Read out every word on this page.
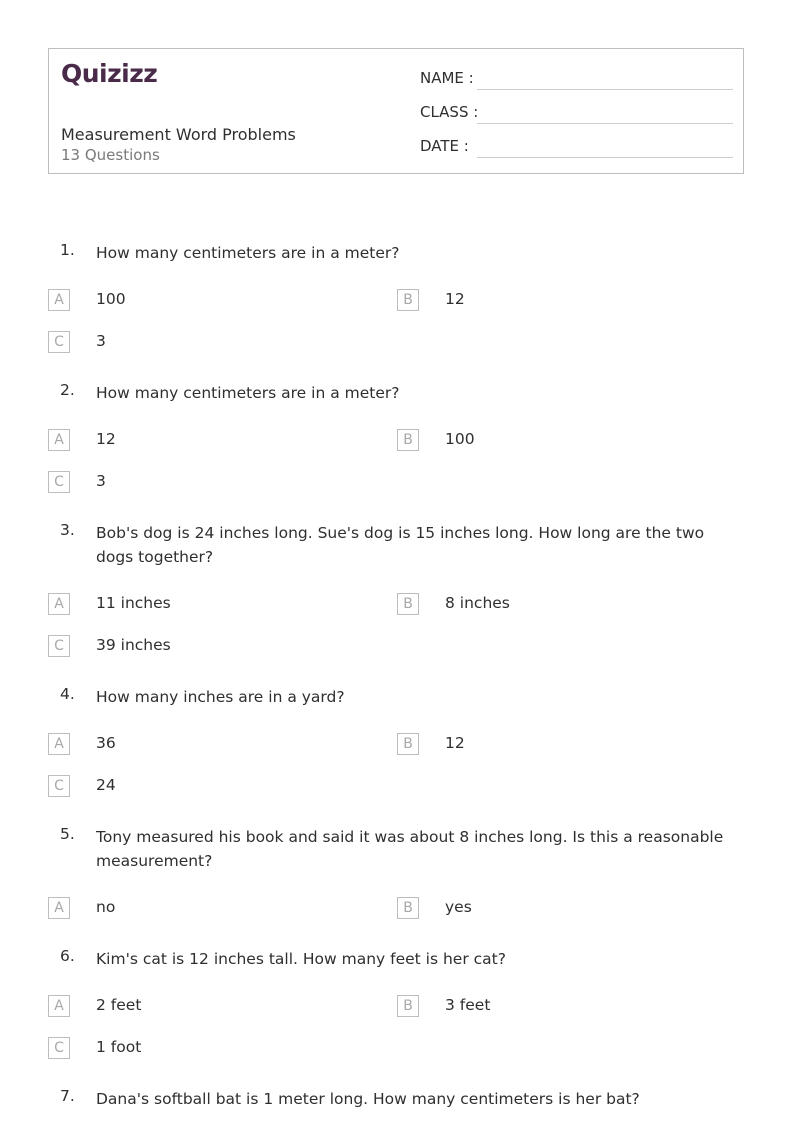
Quizizz
Measurement Word Problems
13 Questions
NAME :
CLASS :
DATE :
1. How many centimeters are in a meter?
A	100	B	12
C	3
2. How many centimeters are in a meter?
A	12	B	100
C	3
3. Bob's dog is 24 inches long. Sue's dog is 15 inches long. How long are the two dogs together?
A	11 inches	B	8 inches
C	39 inches
4. How many inches are in a yard?
A	36	B	12
C	24
5. Tony measured his book and said it was about 8 inches long. Is this a reasonable measurement?
A	no	B	yes
6. Kim's cat is 12 inches tall. How many feet is her cat?
A	2 feet	B	3 feet
C	1 foot
7. Dana's softball bat is 1 meter long. How many centimeters is her bat?
